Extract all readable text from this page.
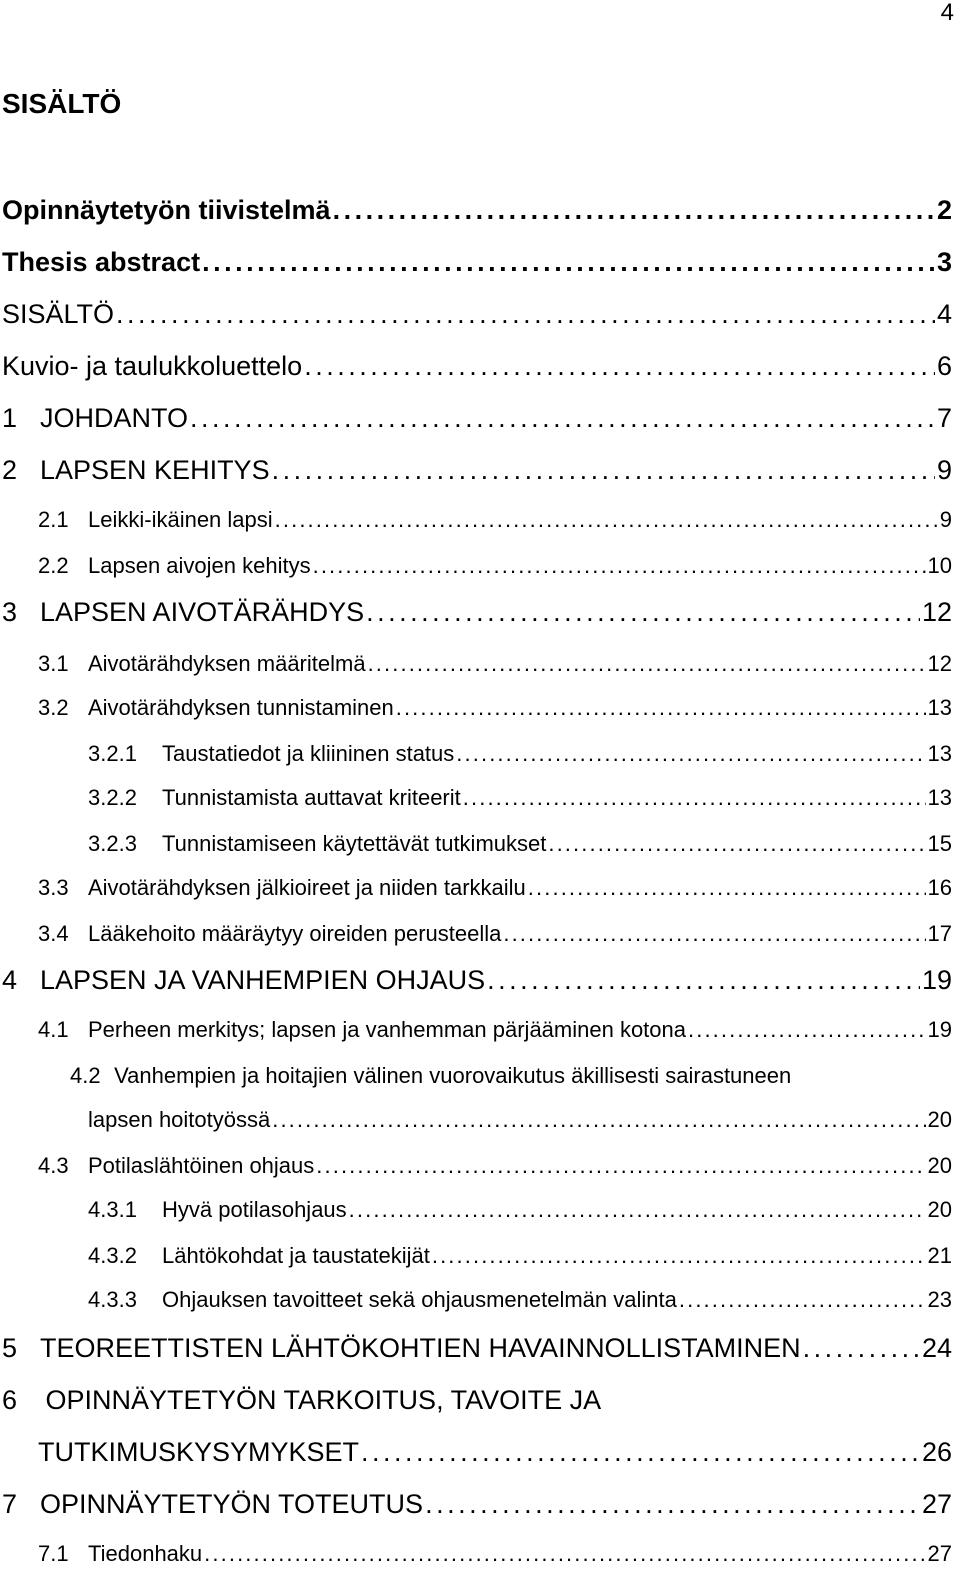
4
SISÄLTÖ
Opinnäytetyön tiivistelmä . . .	2
Thesis abstract . . .	3
SISÄLTÖ . . .	4
Kuvio- ja taulukkoluettelo . . .	6
1 JOHDANTO . . .	7
2 LAPSEN KEHITYS . . .	9
2.1 Leikki-ikäinen lapsi . . .	9
2.2 Lapsen aivojen kehitys . . .	10
3 LAPSEN AIVOTÄRÄHDYS . . .	12
3.1 Aivotärähdyksen määritelmä . . .	12
3.2 Aivotärähdyksen tunnistaminen . . .	13
3.2.1	Taustatiedot ja kliininen status . . .	13
3.2.2	Tunnistamista auttavat kriteerit . . .	13
3.2.3	Tunnistamiseen käytettävät tutkimukset . . .	15
3.3 Aivotärähdyksen jälkioireet ja niiden tarkkailu . . .	16
3.4 Lääkehoito määräytyy oireiden perusteella . . .	17
4 LAPSEN JA VANHEMPIEN OHJAUS . . .	19
4.1 Perheen merkitys; lapsen ja vanhemman pärjääminen kotona . . .	19
4.2 Vanhempien ja hoitajien välinen vuorovaikutus äkillisesti sairastuneen
lapsen hoitotyössä . . .	20
4.3 Potilaslähtöinen ohjaus . . .	20
4.3.1	Hyvä potilasohjaus . . .	20
4.3.2	Lähtökohdat ja taustatekijät . . .	21
4.3.3	Ohjauksen tavoitteet sekä ohjausmenetelmän valinta . . .	23
5 TEOREETTISTEN LÄHTÖKOHTIEN HAVAINNOLLISTAMINEN . . .	24
6 OPINNÄYTETYÖN TARKOITUS, TAVOITE JA
TUTKIMUSKYSYMYKSET . . .	26
7 OPINNÄYTETYÖN TOTEUTUS . . .	27
7.1 Tiedonhaku . . .	27
